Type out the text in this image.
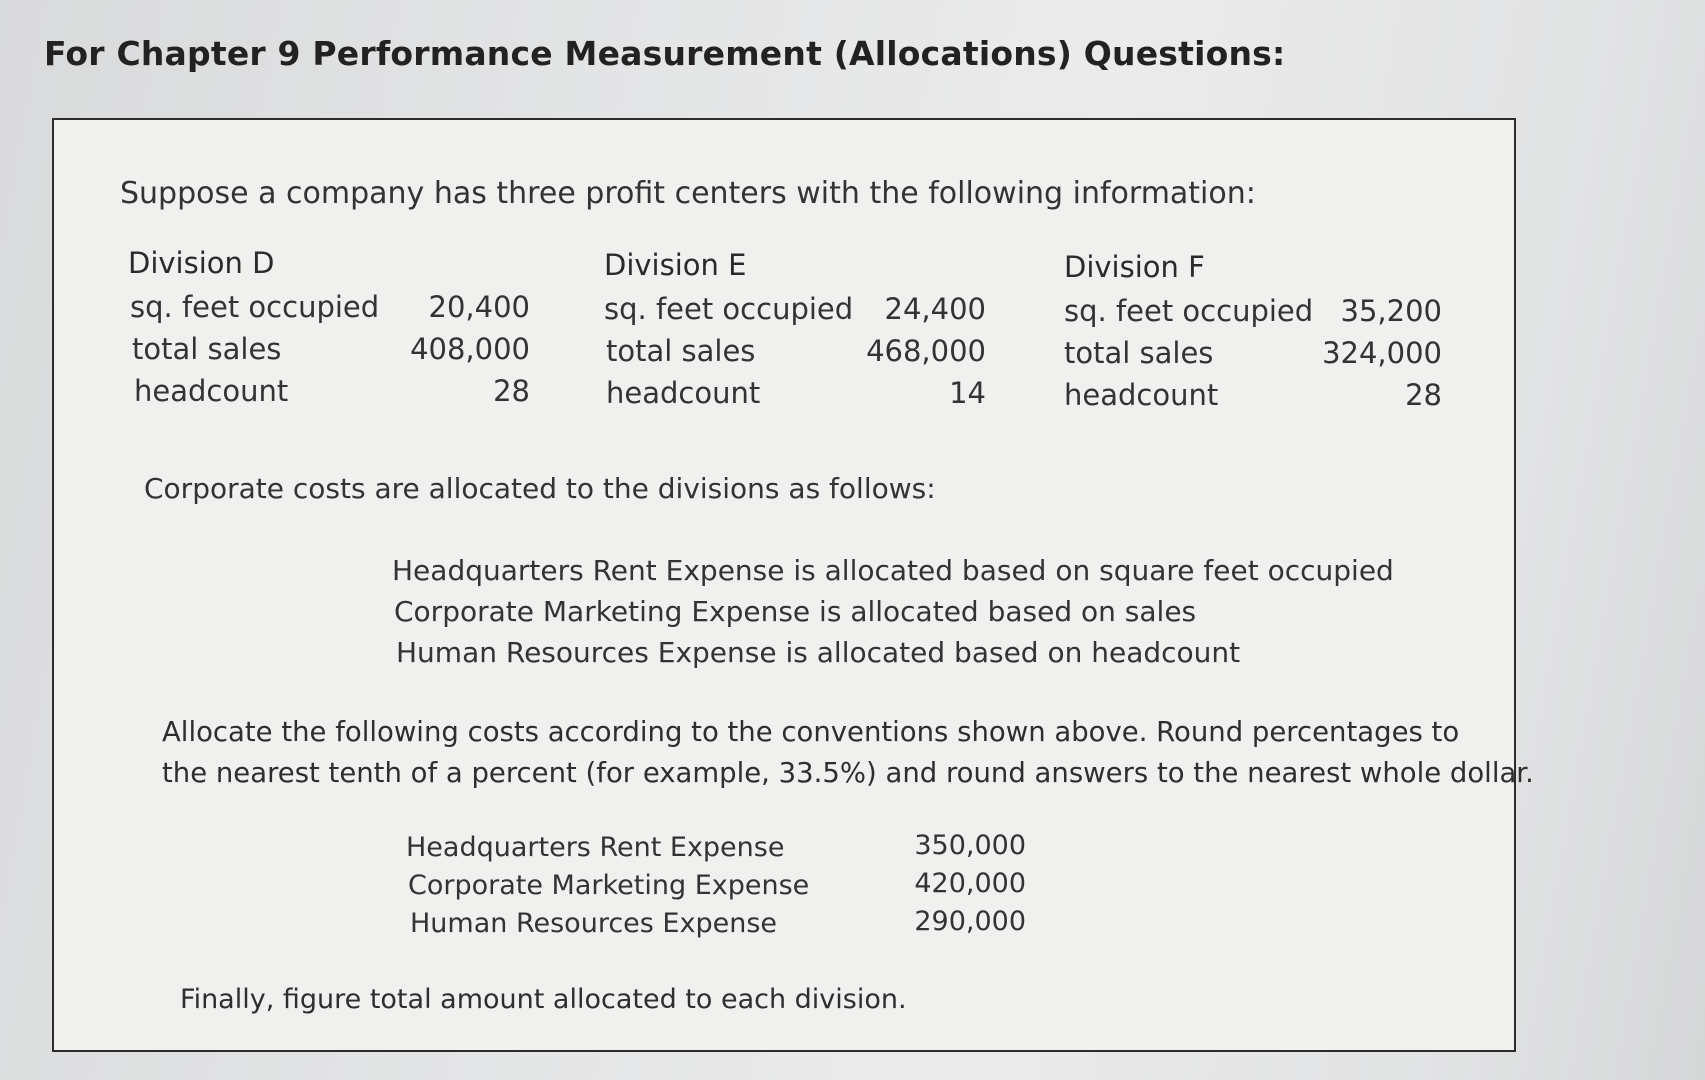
For Chapter 9 Performance Measurement (Allocations) Questions:
Suppose a company has three profit centers with the following information:
Division D
sq. feet occupied	20,400
total sales	408,000
headcount	28
Division E
sq. feet occupied	24,400
total sales	468,000
headcount	14
Division F
sq. feet occupied 35,200
total sales	324,000
headcount	28
Corporate costs are allocated to the divisions as follows:
Headquarters Rent Expense is allocated based on square feet occupied
Corporate Marketing Expense is allocated based on sales
Human Resources Expense is allocated based on headcount
Allocate the following costs according to the conventions shown above. Round percentages to
the nearest tenth of a percent (for example, 33.5%) and round answers to the nearest whole dollar.
Headquarters Rent Expense	350,000
Corporate Marketing Expense	420,000
Human Resources Expense	290,000
Finally, figure total amount allocated to each division.
